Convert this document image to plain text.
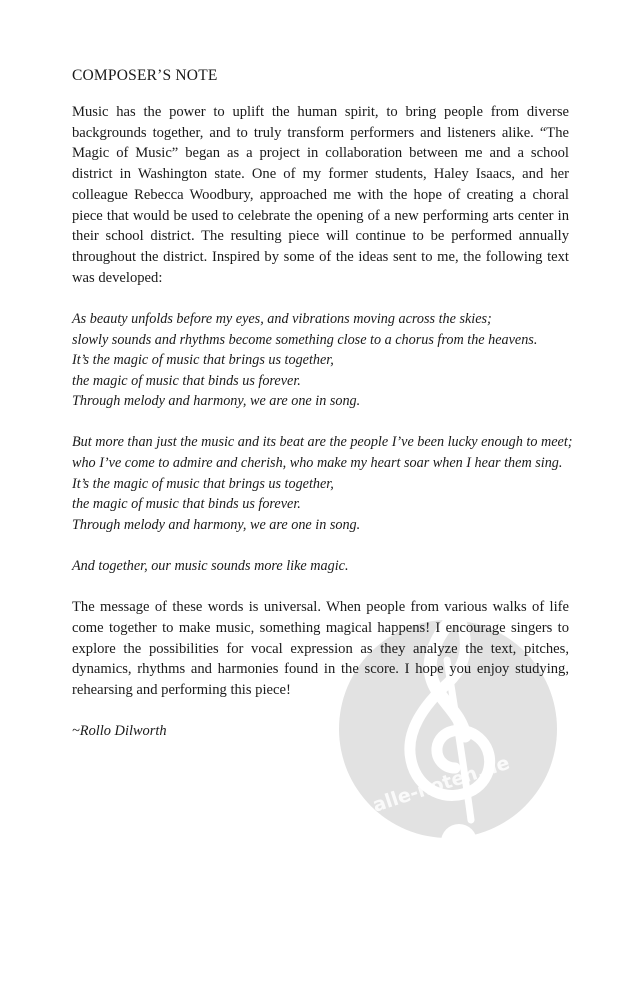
alle-noten.de
COMPOSER’S NOTE

Music has the power to uplift the human spirit, to bring people from diverse backgrounds together, and to truly transform performers and listeners alike. “The Magic of Music” began as a project in collaboration between me and a school district in Washington state. One of my former students, Haley Isaacs, and her colleague Rebecca Woodbury, approached me with the hope of creating a choral piece that would be used to celebrate the opening of a new performing arts center in their school district. The resulting piece will continue to be performed annually throughout the district. Inspired by some of the ideas sent to me, the following text was developed:

As beauty unfolds before my eyes, and vibrations moving across the skies;
slowly sounds and rhythms become something close to a chorus from the heavens.
It’s the magic of music that brings us together,
the magic of music that binds us forever.
Through melody and harmony, we are one in song.
But more than just the music and its beat are the people I’ve been lucky enough to meet;
who I’ve come to admire and cherish, who make my heart soar when I hear them sing.
It’s the magic of music that brings us together,
the magic of music that binds us forever.
Through melody and harmony, we are one in song.

And together, our music sounds more like magic.

The message of these words is universal. When people from various walks of life come together to make music, something magical happens! I encourage singers to explore the possibilities for vocal expression as they analyze the text, pitches, dynamics, rhythms and harmonies found in the score. I hope you enjoy studying, rehearsing and performing this piece!

~Rollo Dilworth
